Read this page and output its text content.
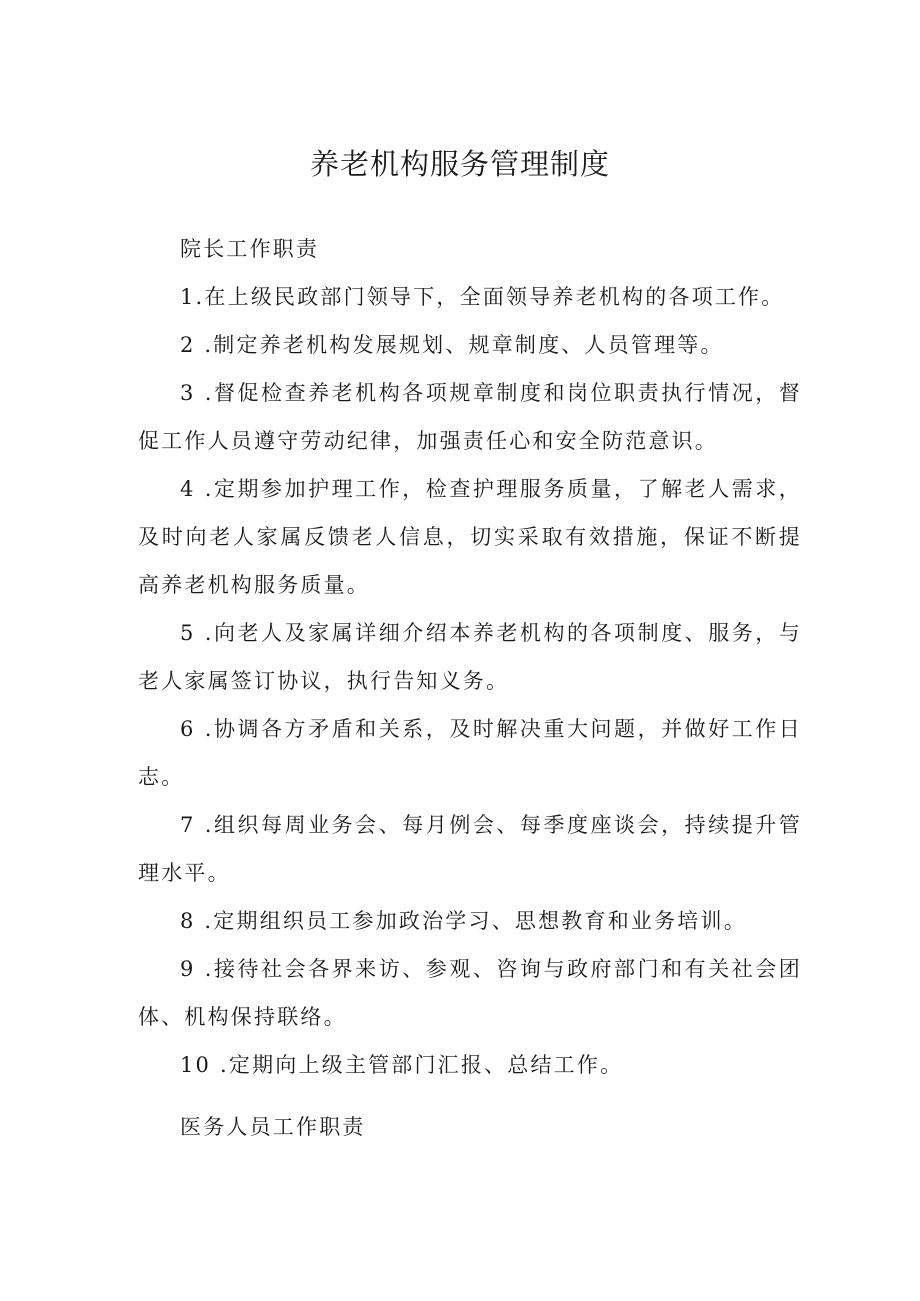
养老机构服务管理制度

院长工作职责

1.在上级民政部门领导下，全面领导养老机构的各项工作。

2 .制定养老机构发展规划、规章制度、人员管理等。

3 .督促检查养老机构各项规章制度和岗位职责执行情况，督促工作人员遵守劳动纪律，加强责任心和安全防范意识。

4 .定期参加护理工作，检查护理服务质量，了解老人需求，及时向老人家属反馈老人信息，切实采取有效措施，保证不断提高养老机构服务质量。

5 .向老人及家属详细介绍本养老机构的各项制度、服务，与老人家属签订协议，执行告知义务。

6 .协调各方矛盾和关系，及时解决重大问题，并做好工作日志。

7 .组织每周业务会、每月例会、每季度座谈会，持续提升管理水平。

8 .定期组织员工参加政治学习、思想教育和业务培训。

9 .接待社会各界来访、参观、咨询与政府部门和有关社会团体、机构保持联络。

10 .定期向上级主管部门汇报、总结工作。

医务人员工作职责
